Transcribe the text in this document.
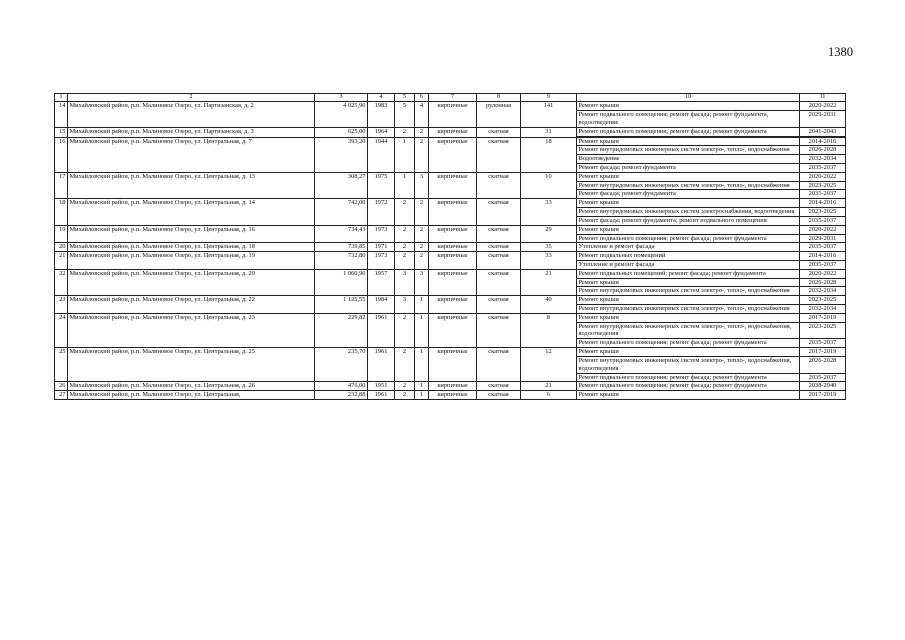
1380
1	2	3	4	5	6	7	8	9	10	11
14	Михайловский район, р.п. Малиновое Озеро, ул. Партизанская, д. 2	4 025,90	1983	5	4	кирпичные	рулонная	141	Ремонт крыши	2020-2022
									Ремонт подвального помещения; ремонт фасада; ремонт фундамента, водоотведение	2029-2031
15	Михайловский район, р.п. Малиновое Озеро, ул. Партизанская, д. 3	625,00	1964	2	2	кирпичные	скатная	31	Ремонт подвального помещения; ремонт фасада; ремонт фундамента	2041-2043

16	Михайловский район, р.п. Малиновое Озеро, ул. Центральная, д. 7	393,20	1944	1	2	кирпичные	скатная	18	Ремонт крыши	2014-2016
									Ремонт внутридомовых инженерных систем электро-, тепло-, водоснабжения	2026-2028
									Водоотведение	2032-2034
									Ремонт фасада; ремонт фундамента	2035-2037
17	Михайловский район, р.п. Малиновое Озеро, ул. Центральная, д. 13	308,27	1975	1	3	кирпичные	скатная	10	Ремонт крыши	2020-2022
									Ремонт внутридомовых инженерных систем электро-, тепло-, водоснабжения	2023-2025
									Ремонт фасада; ремонт фундамента	2035-2037
18	Михайловский район, р.п. Малиновое Озеро, ул. Центральная, д. 14	742,00	1972	2	2	кирпичные	скатная	33	Ремонт крыши	2014-2016
									Ремонт внутридомовых инженерных систем электроснабжения, водоотведения	2023-2025
									Ремонт фасада; ремонт фундамента; ремонт подвального помещения	2035-2037
19	Михайловский район, р.п. Малиновое Озеро, ул. Центральная, д. 16	734,43	1973	2	2	кирпичные	скатная	29	Ремонт крыши	2020-2022
									Ремонт подвального помещения; ремонт фасада; ремонт фундамента	2029-2031
20	Михайловский район, р.п. Малиновое Озеро, ул. Центральная, д. 18	739,85	1971	2	2	кирпичные	скатная	35	Утепление и ремонт фасада	2035-2037
21	Михайловский район, р.п. Малиновое Озеро, ул. Центральная, д. 19	732,80	1973	2	2	кирпичные	скатная	33	Ремонт подвальных помещений	2014-2016
									Утепление и ремонт фасада	2035-2037
22	Михайловский район, р.п. Малиновое Озеро, ул. Центральная, д. 20	1 060,90	1957	3	3	кирпичные	скатная	21	Ремонт подвальных помещений; ремонт фасада; ремонт фундамента	2020-2022
									Ремонт крыши	2026-2028
									Ремонт внутридомовых инженерных систем электро-, тепло-, водоснабжения	2032-2034
23	Михайловский район, р.п. Малиновое Озеро, ул. Центральная, д. 22	1 125,55	1984	3	1	кирпичные	скатная	40	Ремонт крыши	2023-2025
									Ремонт внутридомовых инженерных систем электро-, тепло-, водоснабжения	2032-2034
24	Михайловский район, р.п. Малиновое Озеро, ул. Центральная, д. 23	229,82	1961	2	1	кирпичные	скатная	8	Ремонт крыши	2017-2019
									Ремонт внутридомовых инженерных систем электро-, тепло-, водоснабжения, водоотведения	2023-2025
									Ремонт подвального помещения; ремонт фасада; ремонт фундамента	2035-2037
25	Михайловский район, р.п. Малиновое Озеро, ул. Центральная, д. 25	235,70	1961	2	1	кирпичные	скатная	12	Ремонт крыши	2017-2019
									Ремонт внутридомовых инженерных систем электро-, тепло-, водоснабжения, водоотведения	2026-2028
									Ремонт подвального помещения; ремонт фасада; ремонт фундамента	2035-2037
26	Михайловский район, р.п. Малиновое Озеро, ул. Центральная, д. 26	476,00	1951	2	1	кирпичные	скатная	21	Ремонт подвального помещения; ремонт фасада; ремонт фундамента	2038-2040
27	Михайловский район, р.п. Малиновое Озеро, ул. Центральная,	232,88	1961	2	1	кирпичные	скатная	6	Ремонт крыши	2017-2019
